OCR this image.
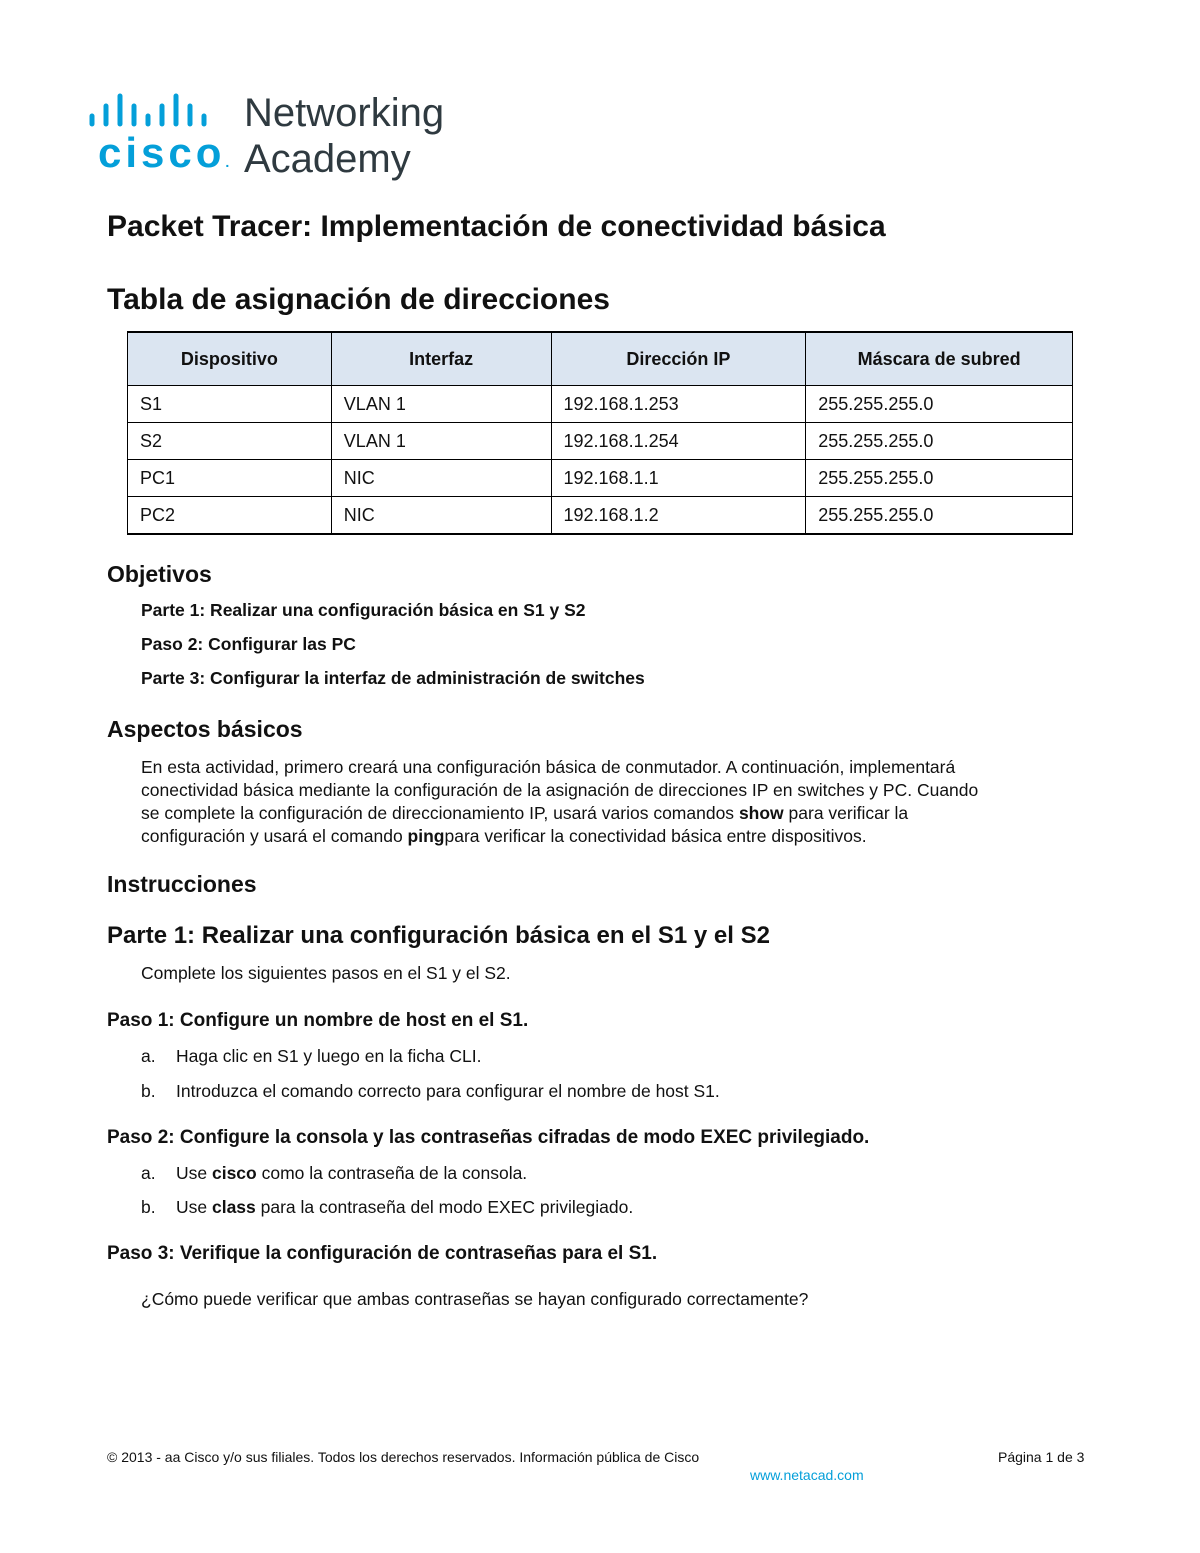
cisco.
Networking
Academy
Packet Tracer: Implementación de conectividad básica
Tabla de asignación de direcciones
Dispositivo	Interfaz	Dirección IP	Máscara de subred
S1	VLAN 1	192.168.1.253	255.255.255.0
S2	VLAN 1	192.168.1.254	255.255.255.0
PC1	NIC	192.168.1.1	255.255.255.0
PC2	NIC	192.168.1.2	255.255.255.0
Objetivos
Parte 1: Realizar una configuración básica en S1 y S2
Paso 2: Configurar las PC
Parte 3: Configurar la interfaz de administración de switches
Aspectos básicos
En esta actividad, primero creará una configuración básica de conmutador. A continuación, implementará
conectividad básica mediante la configuración de la asignación de direcciones IP en switches y PC. Cuando
se complete la configuración de direccionamiento IP, usará varios comandos show para verificar la
configuración y usará el comando pingpara verificar la conectividad básica entre dispositivos.
Instrucciones
Parte 1: Realizar una configuración básica en el S1 y el S2
Complete los siguientes pasos en el S1 y el S2.
Paso 1: Configure un nombre de host en el S1.
a. Haga clic en S1 y luego en la ficha CLI.
b. Introduzca el comando correcto para configurar el nombre de host S1.
Paso 2: Configure la consola y las contraseñas cifradas de modo EXEC privilegiado.
a. Use cisco como la contraseña de la consola.
b. Use class para la contraseña del modo EXEC privilegiado.
Paso 3: Verifique la configuración de contraseñas para el S1.
¿Cómo puede verificar que ambas contraseñas se hayan configurado correctamente?
© 2013 - aa Cisco y/o sus filiales. Todos los derechos reservados. Información pública de Cisco	Página 1 de 3
www.netacad.com
